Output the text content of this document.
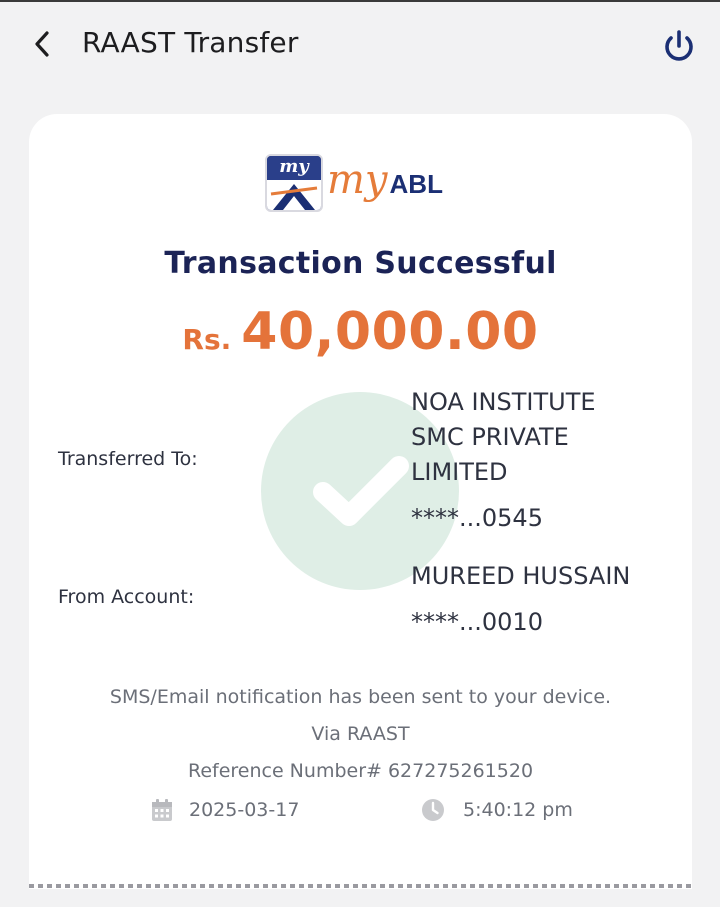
RAAST Transfer
my my ABL
Transaction Successful
Rs. 40,000.00
Transferred To:
NOA INSTITUTE
SMC PRIVATE
LIMITED
****...0545
From Account:
MUREED HUSSAIN
****...0010
SMS/Email notification has been sent to your device.
Via RAAST
Reference Number# 627275261520
2025-03-17	5:40:12 pm
